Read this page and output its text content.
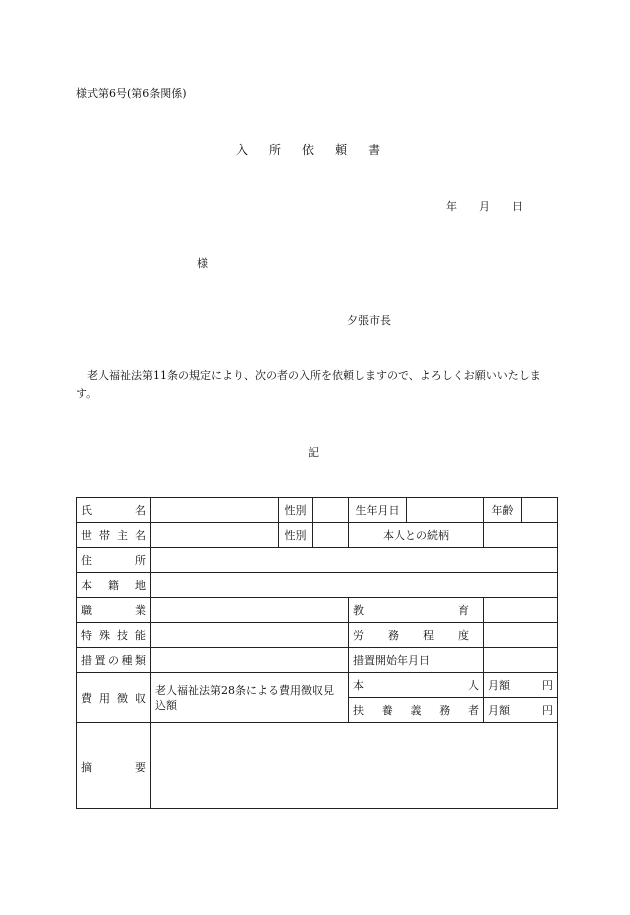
様式第6号(第6条関係)
入 所 依 頼 書
年 月 日
様
夕張市長
老人福祉法第11条の規定により、次の者の入所を依頼しますので、よろしくお願いいたします。
記
氏名		性別		生年月日		年齢	
世帯主名		性別		本人との続柄			
住所							
本籍地							
職業				教育			
特殊技能				労務程度			
措置の種類				措置開始年月日			
費用徴収	老人福祉法第28条による費用徴収見込額			本人		月額 円	

				扶養義務者		月額 円	

摘要							
